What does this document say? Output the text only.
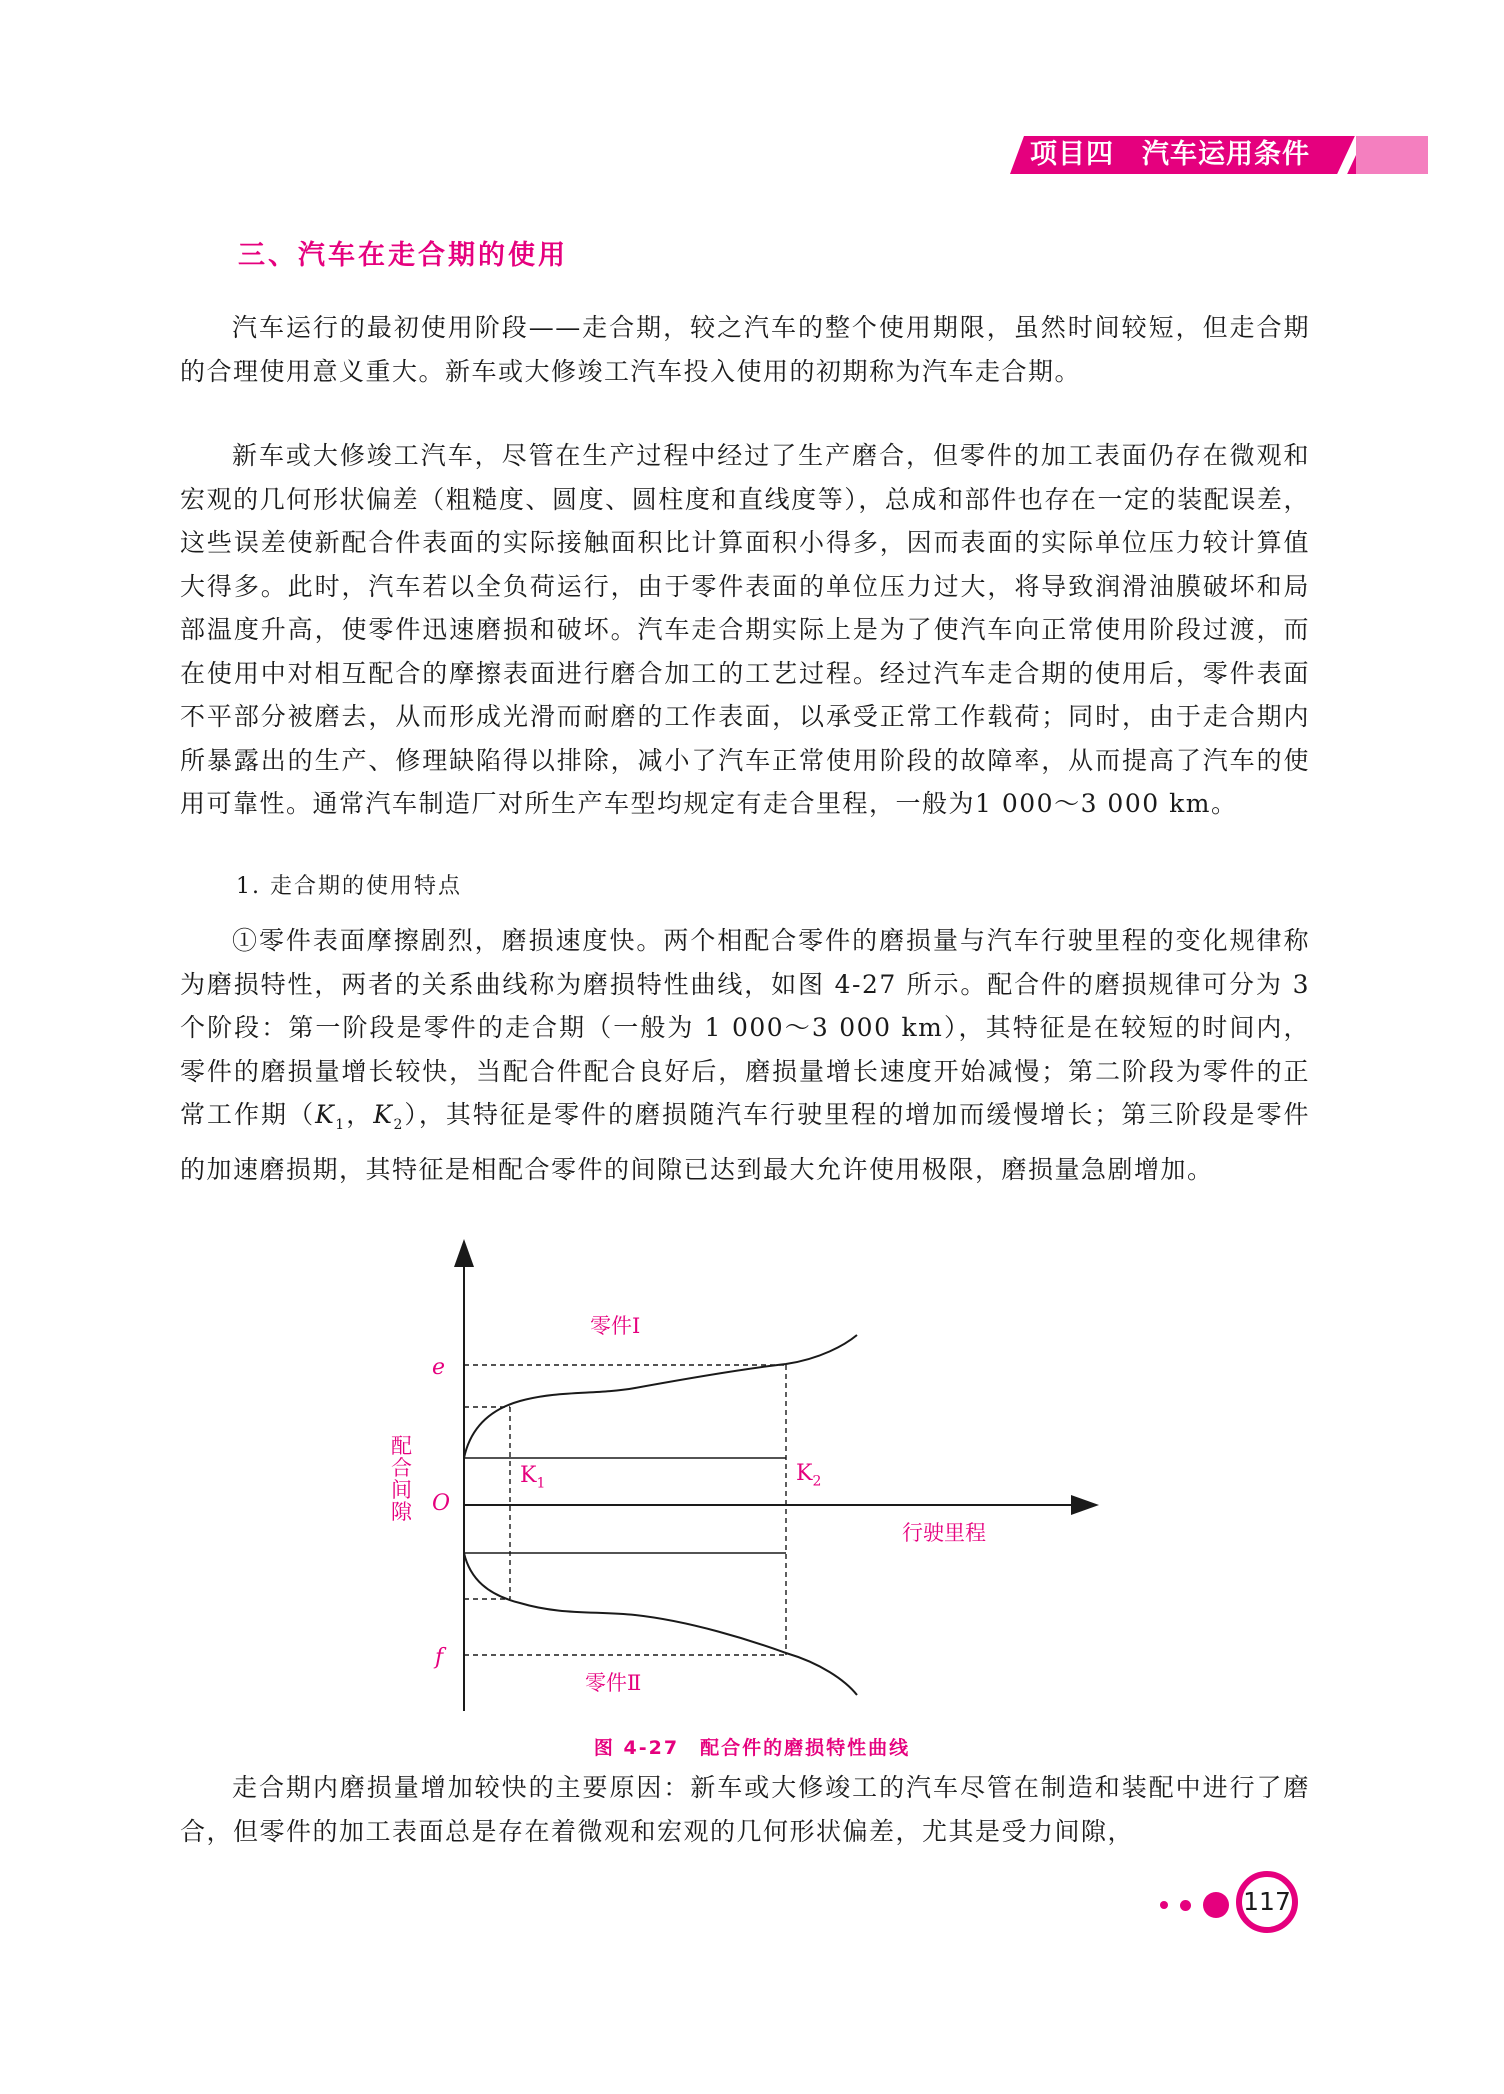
项目四　汽车运用条件
三、汽车在走合期的使用

汽车运行的最初使用阶段——走合期，较之汽车的整个使用期限，虽然时间较短，但走合期的合理使用意义重大。新车或大修竣工汽车投入使用的初期称为汽车走合期。

新车或大修竣工汽车，尽管在生产过程中经过了生产磨合，但零件的加工表面仍存在微观和宏观的几何形状偏差（粗糙度、圆度、圆柱度和直线度等），总成和部件也存在一定的装配误差，这些误差使新配合件表面的实际接触面积比计算面积小得多，因而表面的实际单位压力较计算值大得多。此时，汽车若以全负荷运行，由于零件表面的单位压力过大，将导致润滑油膜破坏和局部温度升高，使零件迅速磨损和破坏。汽车走合期实际上是为了使汽车向正常使用阶段过渡，而在使用中对相互配合的摩擦表面进行磨合加工的工艺过程。经过汽车走合期的使用后，零件表面不平部分被磨去，从而形成光滑而耐磨的工作表面，以承受正常工作载荷；同时，由于走合期内所暴露出的生产、修理缺陷得以排除，减小了汽车正常使用阶段的故障率，从而提高了汽车的使用可靠性。通常汽车制造厂对所生产车型均规定有走合里程，一般为1 000～3 000 km。

1. 走合期的使用特点

①零件表面摩擦剧烈，磨损速度快。两个相配合零件的磨损量与汽车行驶里程的变化规律称为磨损特性，两者的关系曲线称为磨损特性曲线，如图 4-27 所示。配合件的磨损规律可分为 3 个阶段：第一阶段是零件的走合期（一般为 1 000～3 000 km），其特征是在较短的时间内，零件的磨损量增长较快，当配合件配合良好后，磨损量增长速度开始减慢；第二阶段为零件的正常工作期（$K_1$，$K_2$），其特征是零件的磨损随汽车行驶里程的增加而缓慢增长；第三阶段是零件的加速磨损期，其特征是相配合零件的间隙已达到最大允许使用极限，磨损量急剧增加。

e
O
f
配合间隙
行驶里程
$K_1$	$K_2$
零件Ⅰ
零件Ⅱ
图 4-27　配合件的磨损特性曲线

走合期内磨损量增加较快的主要原因：新车或大修竣工的汽车尽管在制造和装配中进行了磨合，但零件的加工表面总是存在着微观和宏观的几何形状偏差，尤其是受力间隙，

117
